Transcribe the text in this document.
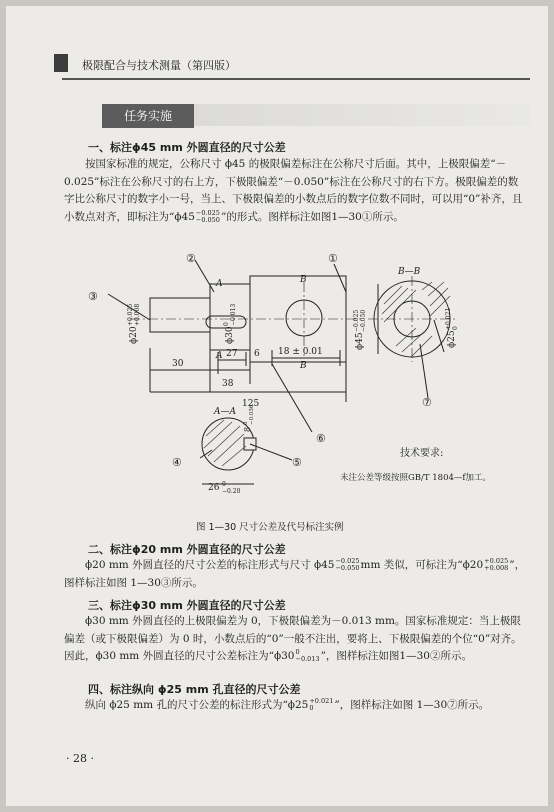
极限配合与技术测量（第四版）
任务实施
一、标注ϕ45 mm 外圆直径的尺寸公差
按国家标准的规定，公称尺寸 ϕ45 的极限偏差标注在公称尺寸后面。其中，上极限偏差“－0.025”标注在公称尺寸的右上方，下极限偏差“－0.050”标注在公称尺寸的右下方。极限偏差的数字比公称尺寸的数字小一号，当上、下极限偏差的小数点后的数字位数不同时，可以用“0”补齐，且小数点对齐，即标注为“ϕ45 −0.025
−0.050 ”的形式。图样标注如图1—30①所示。
③
②	①
④	⑤
⑥
⑦
A
A
B
B
B—B
A—A
30
38
27 6 18 ± 0.01
125
ϕ20
+0.025 +0.008
ϕ30
0 −0.013
ϕ45
−0.025 −0.050
ϕ25
+0.021 0
26 0
−0.20
8
0 −0.036
技术要求:
未注公差等级按照GB/T 1804—f加工。
图 1—30 尺寸公差及代号标注实例
二、标注ϕ20 mm 外圆直径的尺寸公差
ϕ20 mm 外圆直径的尺寸公差的标注形式与尺寸 ϕ45 −0.025
−0.050 mm 类似，可标注为“ϕ20 +0.025
+0.008 ”，图样标注如图 1—30③所示。
三、标注ϕ30 mm 外圆直径的尺寸公差
ϕ30 mm 外圆直径的上极限偏差为 0，下极限偏差为－0.013 mm。国家标准规定：当上极限偏差（或下极限偏差）为 0 时，小数点后的“0”一般不注出，要将上、下极限偏差的个位“0”对齐。因此，ϕ30 mm 外圆直径的尺寸公差标注为“ϕ30 0
−0.013 ”，图样标注如图1—30②所示。
四、标注纵向 ϕ25 mm 孔直径的尺寸公差
纵向 ϕ25 mm 孔的尺寸公差的标注形式为“ϕ25 +0.021
0	”，图样标注如图 1—30⑦所示。
· 28 ·
